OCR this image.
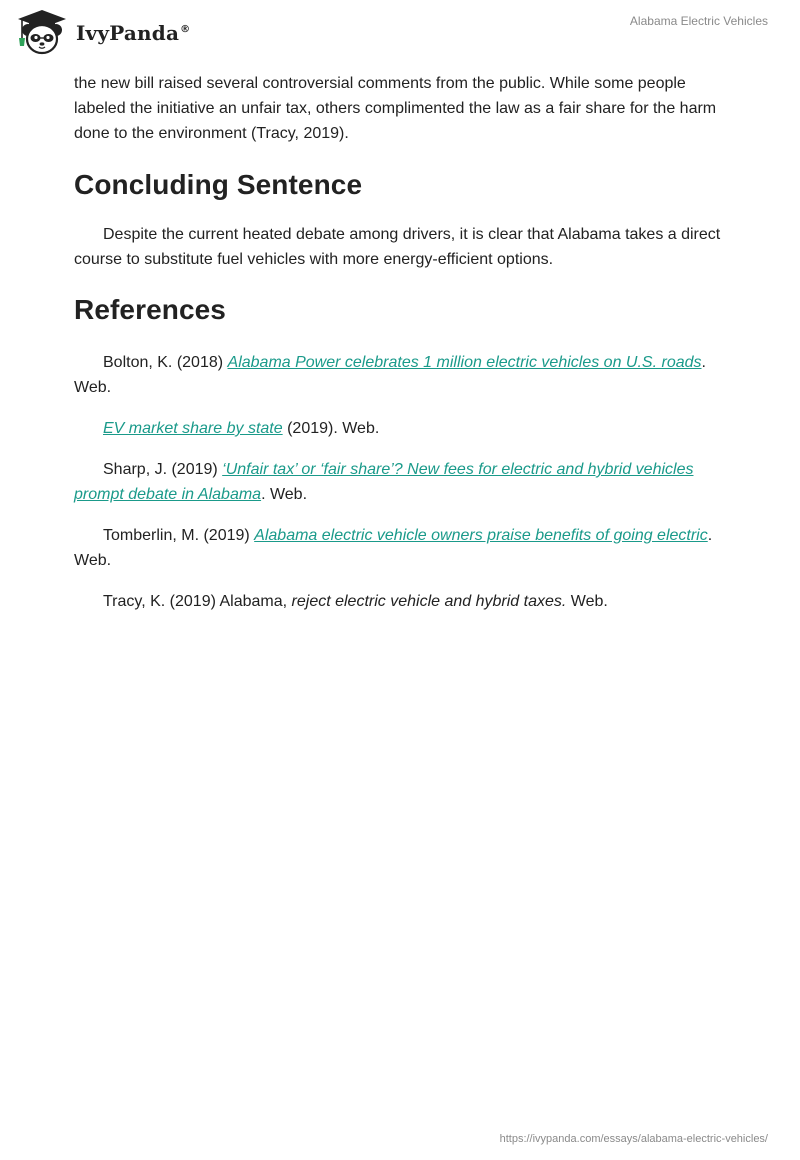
IvyPanda®
Alabama Electric Vehicles

the new bill raised several controversial comments from the public. While some people labeled the initiative an unfair tax, others complimented the law as a fair share for the harm done to the environment (Tracy, 2019).

Concluding Sentence

Despite the current heated debate among drivers, it is clear that Alabama takes a direct course to substitute fuel vehicles with more energy-efficient options.

References

Bolton, K. (2018) Alabama Power celebrates 1 million electric vehicles on U.S. roads. Web.

EV market share by state (2019). Web.

Sharp, J. (2019) ‘Unfair tax’ or ‘fair share’? New fees for electric and hybrid vehicles prompt debate in Alabama. Web.

Tomberlin, M. (2019) Alabama electric vehicle owners praise benefits of going electric. Web.

Tracy, K. (2019) Alabama, reject electric vehicle and hybrid taxes. Web.

https://ivypanda.com/essays/alabama-electric-vehicles/
